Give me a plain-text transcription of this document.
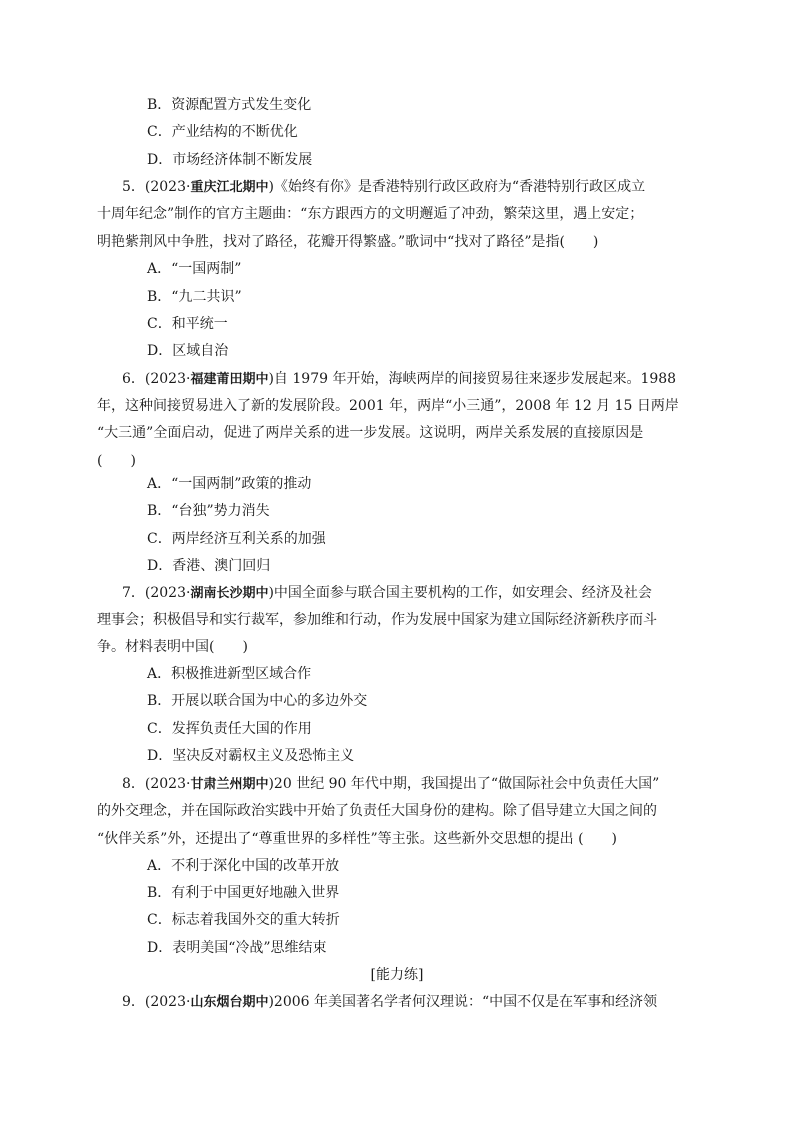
B．资源配置方式发生变化
C．产业结构的不断优化
D．市场经济体制不断发展
5．(2023·重庆江北期中)《始终有你》是香港特别行政区政府为“香港特别行政区成立
十周年纪念”制作的官方主题曲：“东方跟西方的文明邂逅了冲劲，繁荣这里，遇上安定；
明艳紫荆风中争胜，找对了路径，花瓣开得繁盛。”歌词中“找对了路径”是指(　　)
A．“一国两制”
B．“九二共识”
C．和平统一
D．区域自治
6．(2023·福建莆田期中)自 1979 年开始，海峡两岸的间接贸易往来逐步发展起来。1988
年，这种间接贸易进入了新的发展阶段。2001 年，两岸“小三通”，2008 年 12 月 15 日两岸
“大三通”全面启动，促进了两岸关系的进一步发展。这说明，两岸关系发展的直接原因是
(　　)
A．“一国两制”政策的推动
B．“台独”势力消失
C．两岸经济互利关系的加强
D．香港、澳门回归
7．(2023·湖南长沙期中)中国全面参与联合国主要机构的工作，如安理会、经济及社会
理事会；积极倡导和实行裁军，参加维和行动，作为发展中国家为建立国际经济新秩序而斗
争。材料表明中国(　　)
A．积极推进新型区域合作
B．开展以联合国为中心的多边外交
C．发挥负责任大国的作用
D．坚决反对霸权主义及恐怖主义
8．(2023·甘肃兰州期中)20 世纪 90 年代中期，我国提出了“做国际社会中负责任大国”
的外交理念，并在国际政治实践中开始了负责任大国身份的建构。除了倡导建立大国之间的
“伙伴关系”外，还提出了“尊重世界的多样性”等主张。这些新外交思想的提出 (　　)
A．不利于深化中国的改革开放
B．有利于中国更好地融入世界
C．标志着我国外交的重大转折
D．表明美国“冷战”思维结束
[能力练]
9．(2023·山东烟台期中)2006 年美国著名学者何汉理说：“中国不仅是在军事和经济领
